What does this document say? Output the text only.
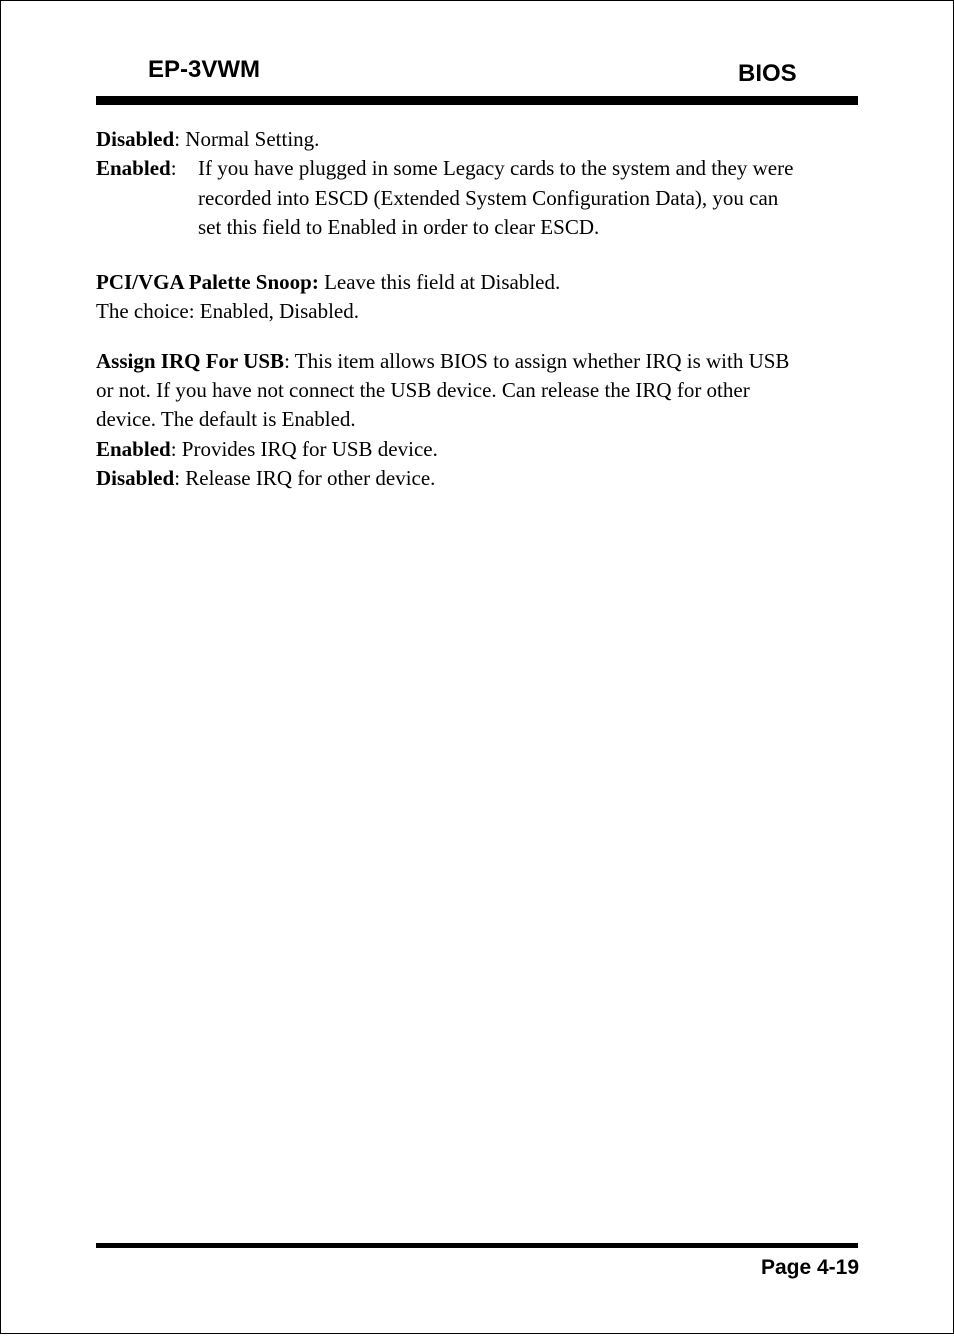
EP-3VWM	BIOS
Disabled: Normal Setting.
Enabled: If you have plugged in some Legacy cards to the system and they were
recorded into ESCD (Extended System Configuration Data), you can
set this field to Enabled in order to clear ESCD.
PCI/VGA Palette Snoop: Leave this field at Disabled.
The choice: Enabled, Disabled.
Assign IRQ For USB: This item allows BIOS to assign whether IRQ is with USB
or not. If you have not connect the USB device. Can release the IRQ for other
device. The default is Enabled.
Enabled: Provides IRQ for USB device.
Disabled: Release IRQ for other device.
Page 4-19
